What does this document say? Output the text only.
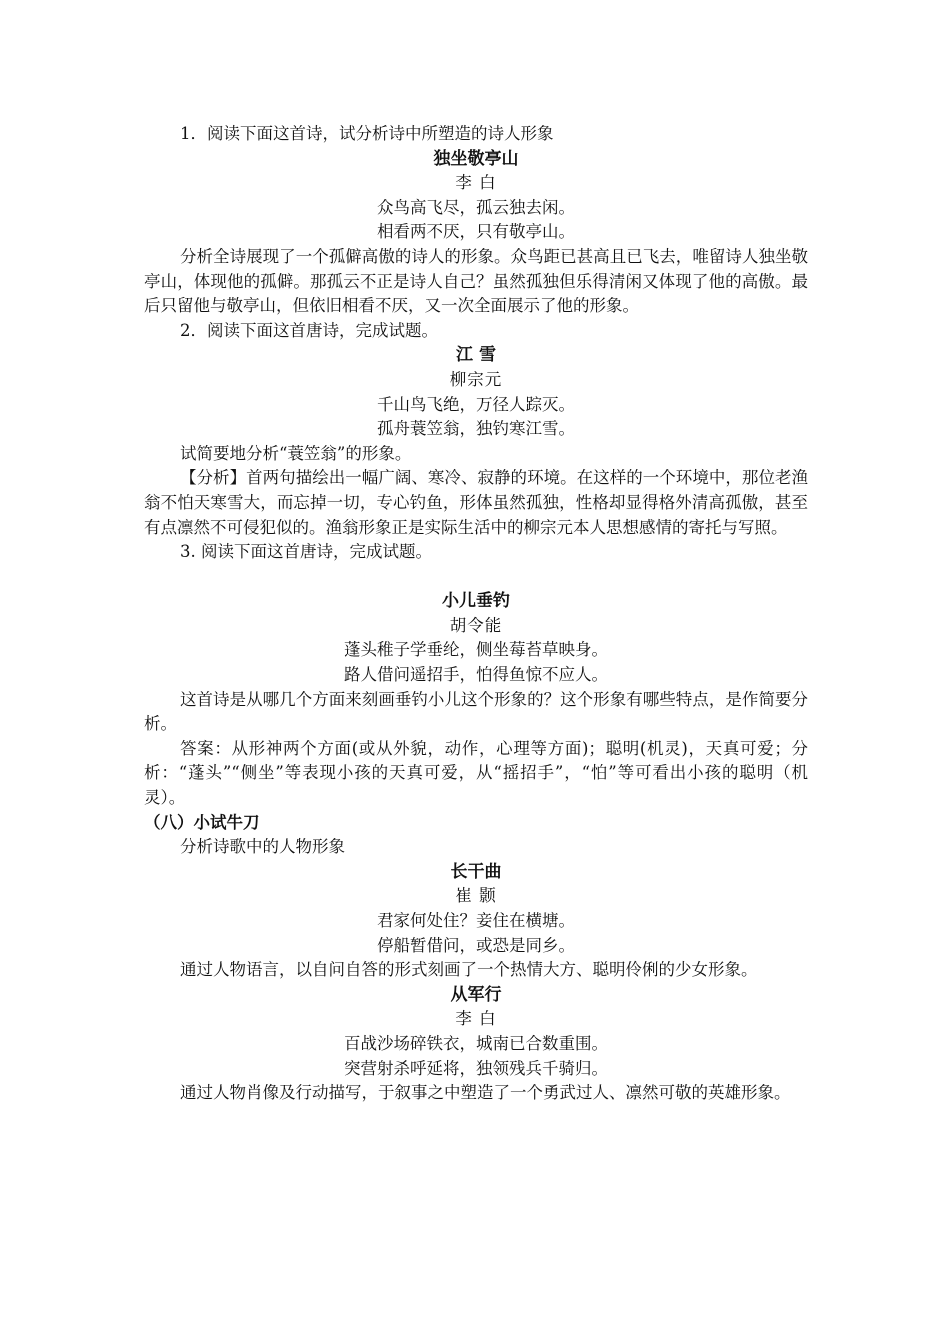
1．阅读下面这首诗，试分析诗中所塑造的诗人形象

独坐敬亭山

李 白

众鸟高飞尽，孤云独去闲。

相看两不厌，只有敬亭山。

分析全诗展现了一个孤僻高傲的诗人的形象。众鸟距已甚高且已飞去，唯留诗人独坐敬亭山，体现他的孤僻。那孤云不正是诗人自己？虽然孤独但乐得清闲又体现了他的高傲。最后只留他与敬亭山，但依旧相看不厌，又一次全面展示了他的形象。

2．阅读下面这首唐诗，完成试题。

江 雪

柳宗元

千山鸟飞绝，万径人踪灭。

孤舟蓑笠翁，独钓寒江雪。

试简要地分析“蓑笠翁”的形象。

【分析】首两句描绘出一幅广阔、寒冷、寂静的环境。在这样的一个环境中，那位老渔翁不怕天寒雪大，而忘掉一切，专心钓鱼，形体虽然孤独，性格却显得格外清高孤傲，甚至有点凛然不可侵犯似的。渔翁形象正是实际生活中的柳宗元本人思想感情的寄托与写照。

3. 阅读下面这首唐诗，完成试题。

小儿垂钓

胡令能

蓬头稚子学垂纶，侧坐莓苔草映身。

路人借问遥招手，怕得鱼惊不应人。

这首诗是从哪几个方面来刻画垂钓小儿这个形象的？这个形象有哪些特点，是作简要分析。

答案：从形神两个方面(或从外貌，动作，心理等方面)；聪明(机灵)，天真可爱；分析：“蓬头”“侧坐”等表现小孩的天真可爱，从“摇招手”，“怕”等可看出小孩的聪明（机灵）。

（八）小试牛刀

分析诗歌中的人物形象

长干曲

崔 颢

君家何处住？妾住在横塘。

停船暂借问，或恐是同乡。

通过人物语言，以自问自答的形式刻画了一个热情大方、聪明伶俐的少女形象。

从军行

李 白

百战沙场碎铁衣，城南已合数重围。

突营射杀呼延将，独领残兵千骑归。

通过人物肖像及行动描写，于叙事之中塑造了一个勇武过人、凛然可敬的英雄形象。
